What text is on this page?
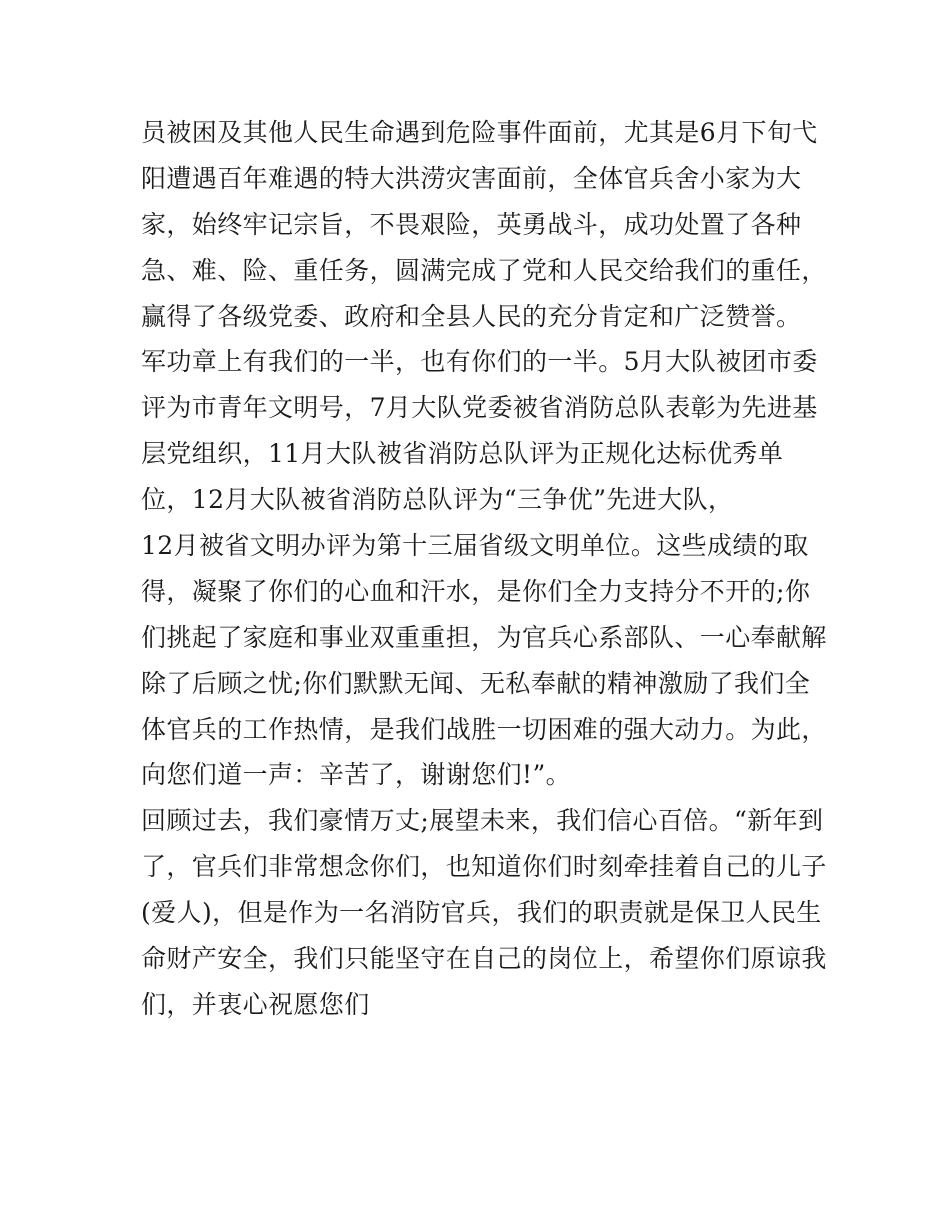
员被困及其他人民生命遇到危险事件面前，尤其是6月下旬弋
阳遭遇百年难遇的特大洪涝灾害面前，全体官兵舍小家为大
家，始终牢记宗旨，不畏艰险，英勇战斗，成功处置了各种
急、难、险、重任务，圆满完成了党和人民交给我们的重任，
赢得了各级党委、政府和全县人民的充分肯定和广泛赞誉。
军功章上有我们的一半，也有你们的一半。5月大队被团市委
评为市青年文明号，7月大队党委被省消防总队表彰为先进基
层党组织，11月大队被省消防总队评为正规化达标优秀单
位，12月大队被省消防总队评为“三争优”先进大队，
12月被省文明办评为第十三届省级文明单位。这些成绩的取
得，凝聚了你们的心血和汗水，是你们全力支持分不开的;你
们挑起了家庭和事业双重重担，为官兵心系部队、一心奉献解
除了后顾之忧;你们默默无闻、无私奉献的精神激励了我们全
体官兵的工作热情，是我们战胜一切困难的强大动力。为此，
向您们道一声：辛苦了，谢谢您们!”。
回顾过去，我们豪情万丈;展望未来，我们信心百倍。“新年到
了，官兵们非常想念你们，也知道你们时刻牵挂着自己的儿子
(爱人)，但是作为一名消防官兵，我们的职责就是保卫人民生
命财产安全，我们只能坚守在自己的岗位上，希望你们原谅我
们，并衷心祝愿您们
